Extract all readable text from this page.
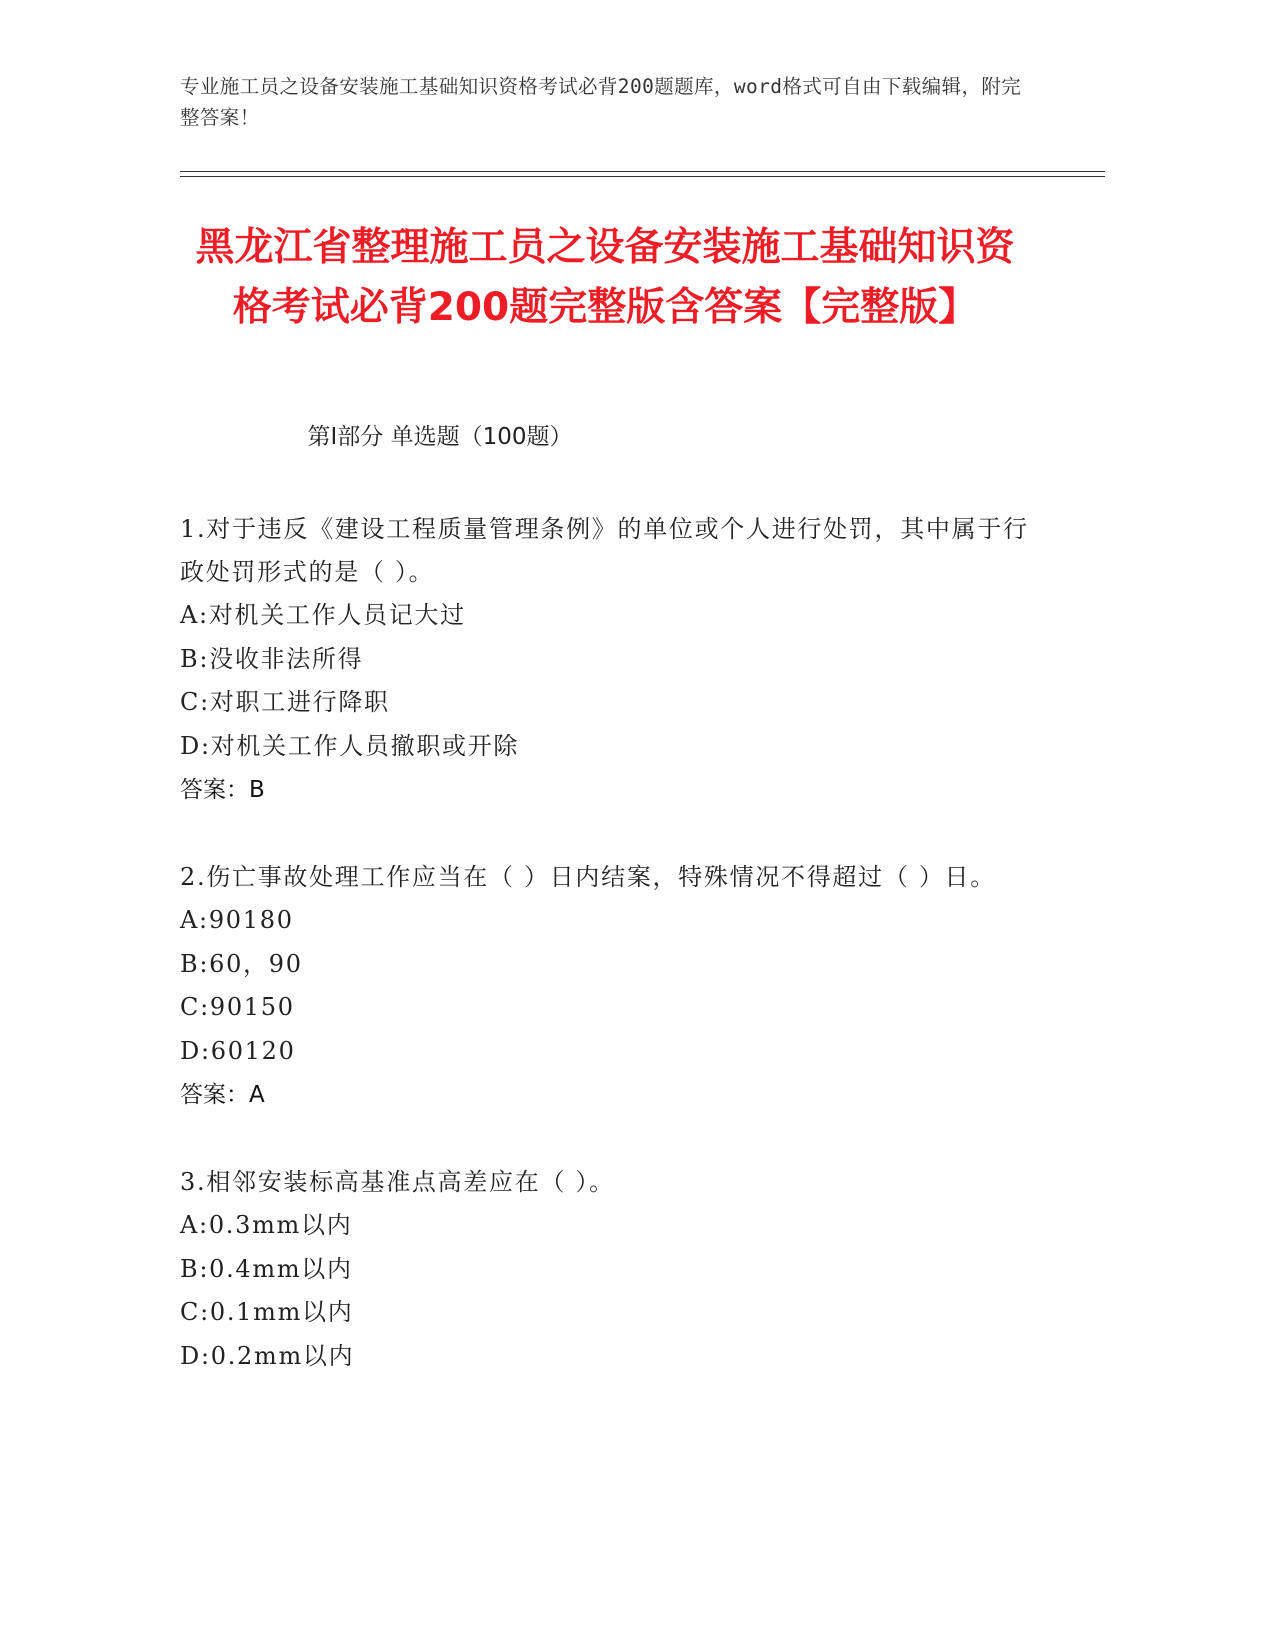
专业施工员之设备安装施工基础知识资格考试必背200题题库，word格式可自由下载编辑，附完整答案！
黑龙江省整理施工员之设备安装施工基础知识资格考试必背200题完整版含答案【完整版】
第I部分 单选题（100题）
1.对于违反《建设工程质量管理条例》的单位或个人进行处罚，其中属于行政处罚形式的是（ ）。
A:对机关工作人员记大过
B:没收非法所得
C:对职工进行降职
D:对机关工作人员撤职或开除
答案：B
2.伤亡事故处理工作应当在（ ）日内结案，特殊情况不得超过（ ）日。
A:90180
B:60，90
C:90150
D:60120
答案：A
3.相邻安装标高基准点高差应在（ ）。
A:0.3mm以内
B:0.4mm以内
C:0.1mm以内
D:0.2mm以内
